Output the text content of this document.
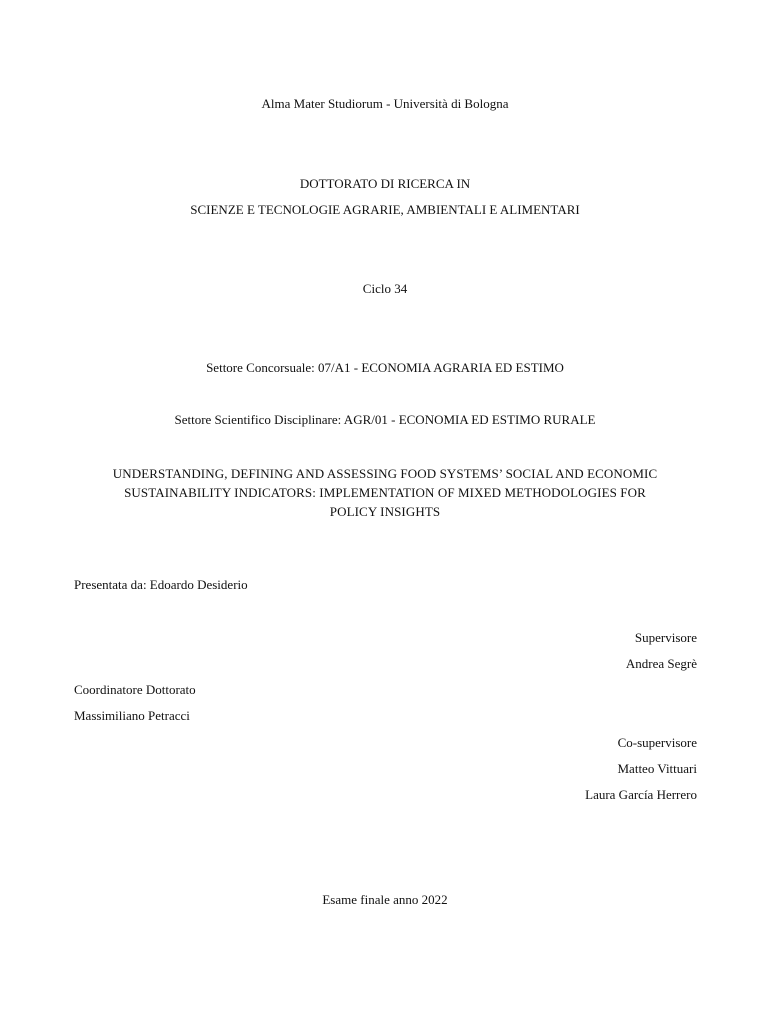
Alma Mater Studiorum - Università di Bologna
DOTTORATO DI RICERCA IN
SCIENZE E TECNOLOGIE AGRARIE, AMBIENTALI E ALIMENTARI
Ciclo 34
Settore Concorsuale: 07/A1 - ECONOMIA AGRARIA ED ESTIMO
Settore Scientifico Disciplinare: AGR/01 - ECONOMIA ED ESTIMO RURALE
UNDERSTANDING, DEFINING AND ASSESSING FOOD SYSTEMS’ SOCIAL AND ECONOMIC
SUSTAINABILITY INDICATORS: IMPLEMENTATION OF MIXED METHODOLOGIES FOR
POLICY INSIGHTS
Presentata da: Edoardo Desiderio
Supervisore
Andrea Segrè
Coordinatore Dottorato
Massimiliano Petracci
Co-supervisore
Matteo Vittuari
Laura García Herrero
Esame finale anno 2022
